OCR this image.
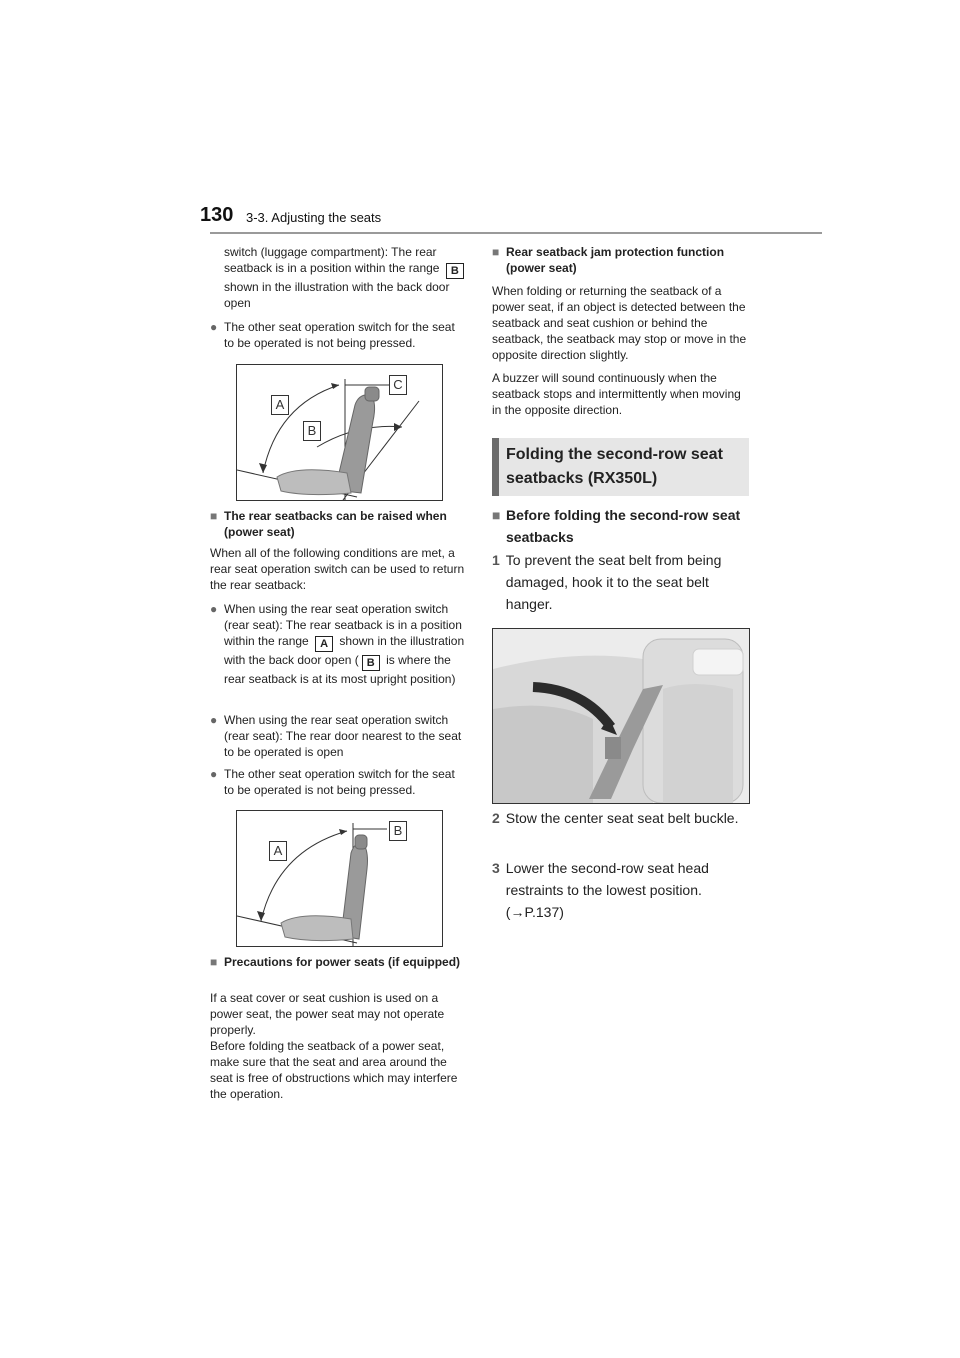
130 3-3. Adjusting the seats
switch (luggage compartment): The rear seatback is in a position within the range B shown in the illustration with the back door open
● The other seat operation switch for the seat to be operated is not being pressed.
A
B
C
■ The rear seatbacks can be raised when (power seat)
When all of the following conditions are met, a rear seat operation switch can be used to return the rear seatback:
● When using the rear seat operation switch (rear seat): The rear seatback is in a position within the range A shown in the illustration with the back door open ( B is where the rear seatback is at its most upright position)
● When using the rear seat operation switch (rear seat): The rear door nearest to the seat to be operated is open
● The other seat operation switch for the seat to be operated is not being pressed.
A
B
■ Precautions for power seats (if equipped)

If a seat cover or seat cushion is used on a power seat, the power seat may not operate properly.

Before folding the seatback of a power seat, make sure that the seat and area around the seat is free of obstructions which may interfere the operation.

■ Rear seatback jam protection function (power seat)
When folding or returning the seatback of a power seat, if an object is detected between the seatback and seat cushion or behind the seatback, the seatback may stop or move in the opposite direction slightly.
A buzzer will sound continuously when the seatback stops and intermittently when moving in the opposite direction.
Folding the second-row seat seatbacks (RX350L)
■ Before folding the second-row seat seatbacks
1 To prevent the seat belt from being damaged, hook it to the seat belt hanger.
2 Stow the center seat seat belt buckle.
3 Lower the second-row seat head restraints to the lowest position.
(→P.137)
